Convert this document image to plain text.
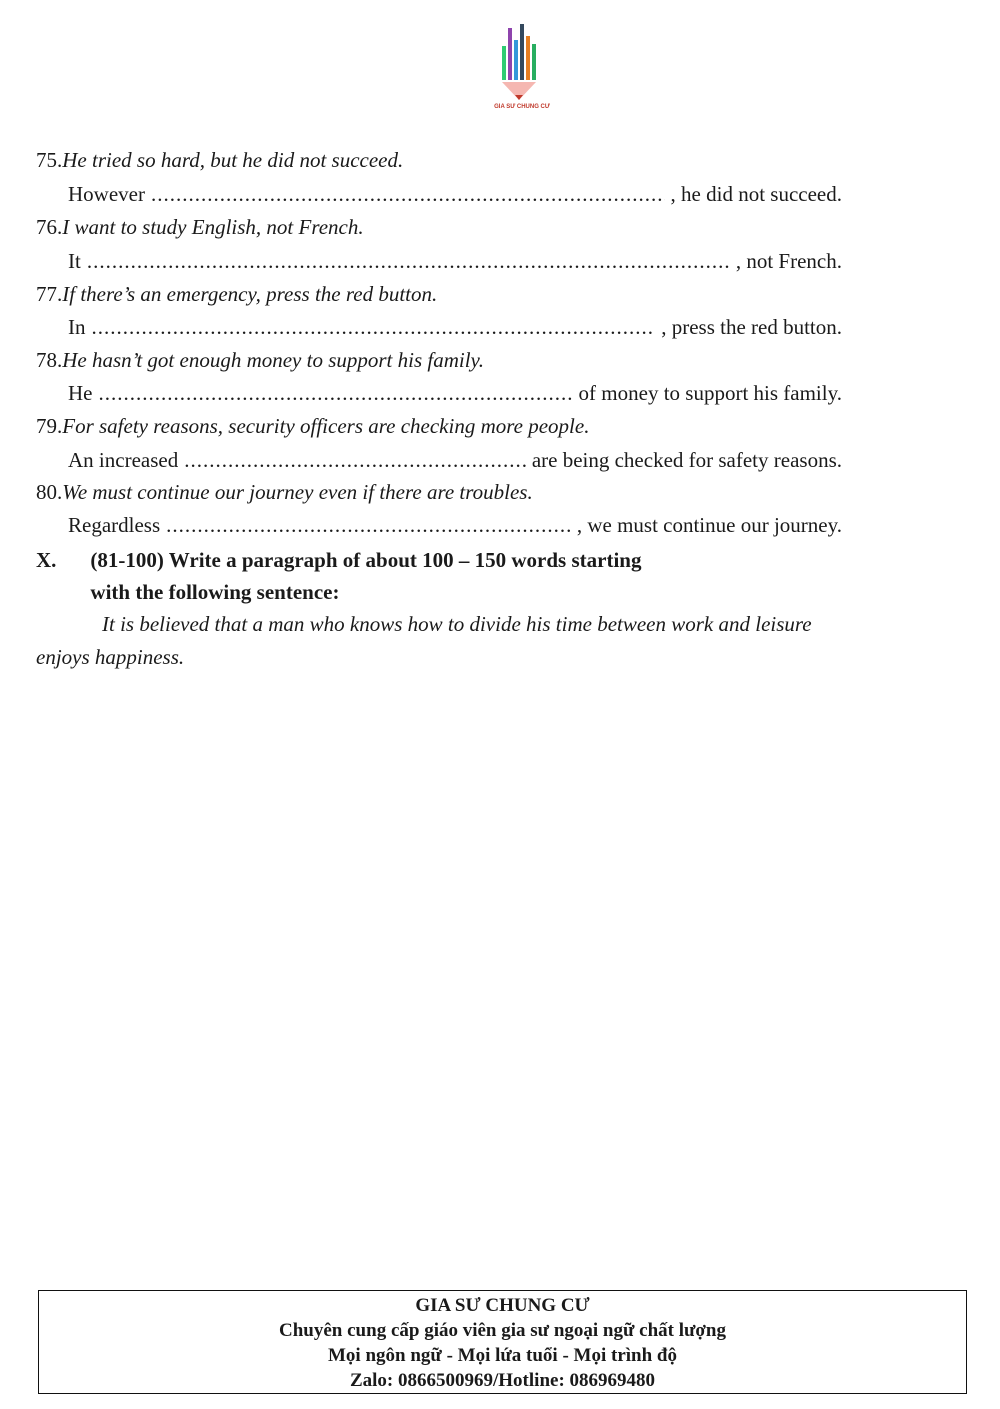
GIA SƯ CHUNG CƯ
75.He tried so hard, but he did not succeed.
However .....	, he did not succeed.
76.I want to study English, not French.
It .....	, not French.
77.If there’s an emergency, press the red button.
In .....	, press the red button.
78.He hasn’t got enough money to support his family.
He .....	of money to support his family.
79.For safety reasons, security officers are checking more people.
An increased .....	are being checked for safety reasons.
80.We must continue our journey even if there are troubles.
Regardless .....	, we must continue our journey.
X. (81-100) Write a paragraph of about 100 – 150 words starting
with the following sentence:
It is believed that a man who knows how to divide his time between work and leisure enjoys happiness.
GIA SƯ CHUNG CƯ
Chuyên cung cấp giáo viên gia sư ngoại ngữ chất lượng
Mọi ngôn ngữ - Mọi lứa tuổi - Mọi trình độ
Zalo: 0866500969/Hotline: 086969480
